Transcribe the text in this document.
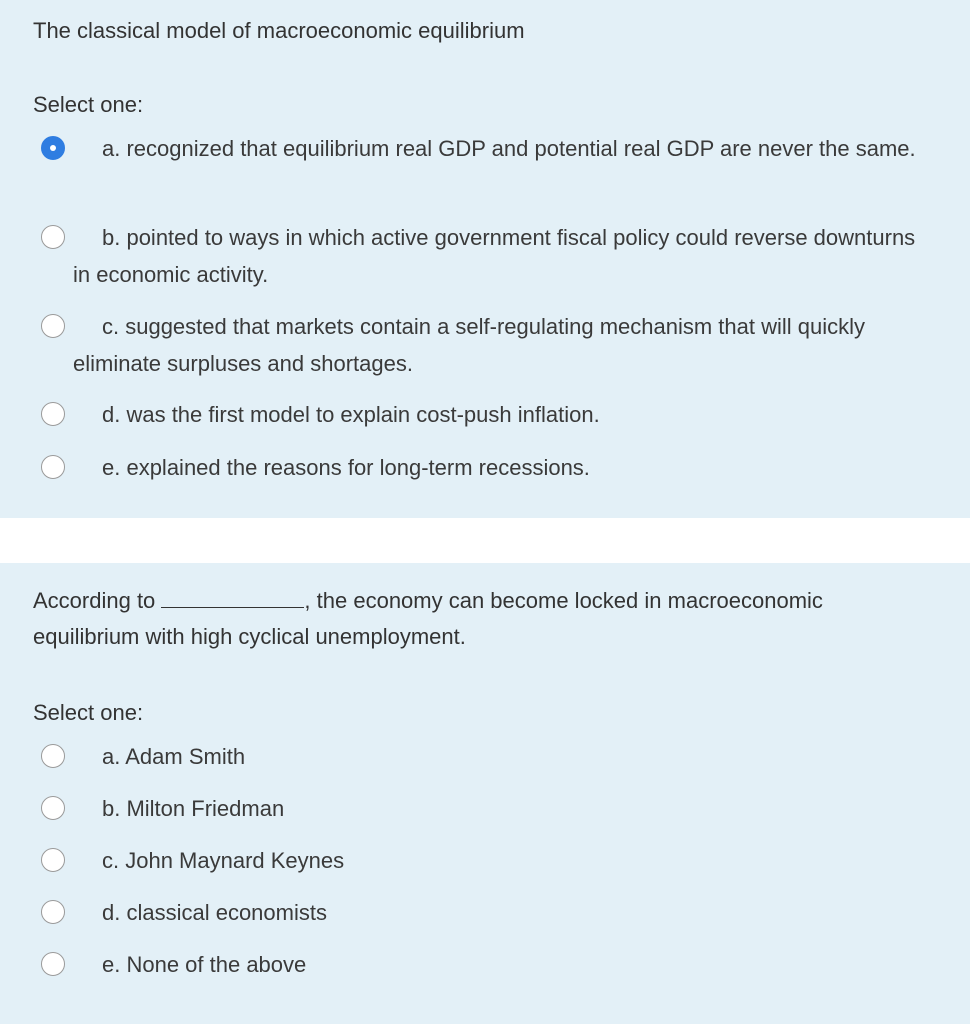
The classical model of macroeconomic equilibrium
Select one:
a. recognized that equilibrium real GDP and potential real GDP are never the same.
b. pointed to ways in which active government fiscal policy could reverse downturns in economic activity.
c. suggested that markets contain a self-regulating mechanism that will quickly eliminate surpluses and shortages.
d. was the first model to explain cost-push inflation.
e. explained the reasons for long-term recessions.
According to	, the economy can become locked in macroeconomic equilibrium with high cyclical unemployment.
Select one:
a. Adam Smith
b. Milton Friedman
c. John Maynard Keynes
d. classical economists
e. None of the above
